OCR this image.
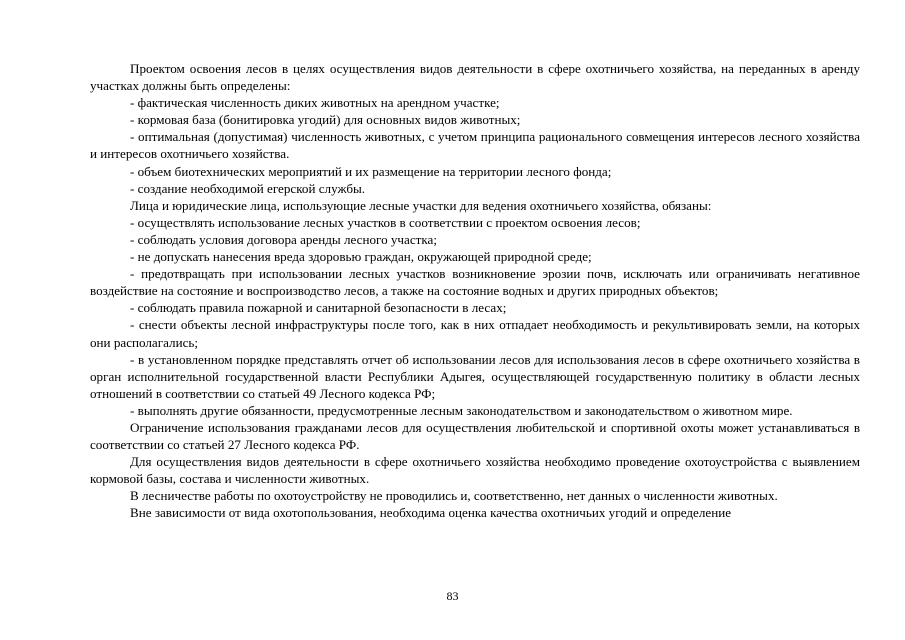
Проектом освоения лесов в целях осуществления видов деятельности в сфере охотничьего хозяйства, на переданных в аренду участках должны быть определены:

- фактическая численность диких животных на арендном участке;

- кормовая база (бонитировка угодий) для основных видов животных;

- оптимальная (допустимая) численность животных, с учетом принципа рационального совмещения интересов лесного хозяйства и интересов охотничьего хозяйства.

- объем биотехнических мероприятий и их размещение на территории лесного фонда;

- создание необходимой егерской службы.

Лица и юридические лица, использующие лесные участки для ведения охотничьего хозяйства, обязаны:

- осуществлять использование лесных участков в соответствии с проектом освоения лесов;

- соблюдать условия договора аренды лесного участка;

- не допускать нанесения вреда здоровью граждан, окружающей природной среде;

- предотвращать при использовании лесных участков возникновение эрозии почв, исключать или ограничивать негативное воздействие на состояние и воспроизводство лесов, а также на состояние водных и других природных объектов;

- соблюдать правила пожарной и санитарной безопасности в лесах;

- снести объекты лесной инфраструктуры после того, как в них отпадает необходимость и рекультивировать земли, на которых они располагались;

- в установленном порядке представлять отчет об использовании лесов для использования лесов в сфере охотничьего хозяйства в орган исполнительной государственной власти Республики Адыгея, осуществляющей государственную политику в области лесных отношений в соответствии со статьей 49 Лесного кодекса РФ;

- выполнять другие обязанности, предусмотренные лесным законодательством и законодательством о животном мире.

Ограничение использования гражданами лесов для осуществления любительской и спортивной охоты может устанавливаться в соответствии со статьей 27 Лесного кодекса РФ.

Для осуществления видов деятельности в сфере охотничьего хозяйства необходимо проведение охотоустройства с выявлением кормовой базы, состава и численности животных.

В лесничестве работы по охотоустройству не проводились и, соответственно, нет данных о численности животных.

Вне зависимости от вида охотопользования, необходима оценка качества охотничьих угодий и определение

83
